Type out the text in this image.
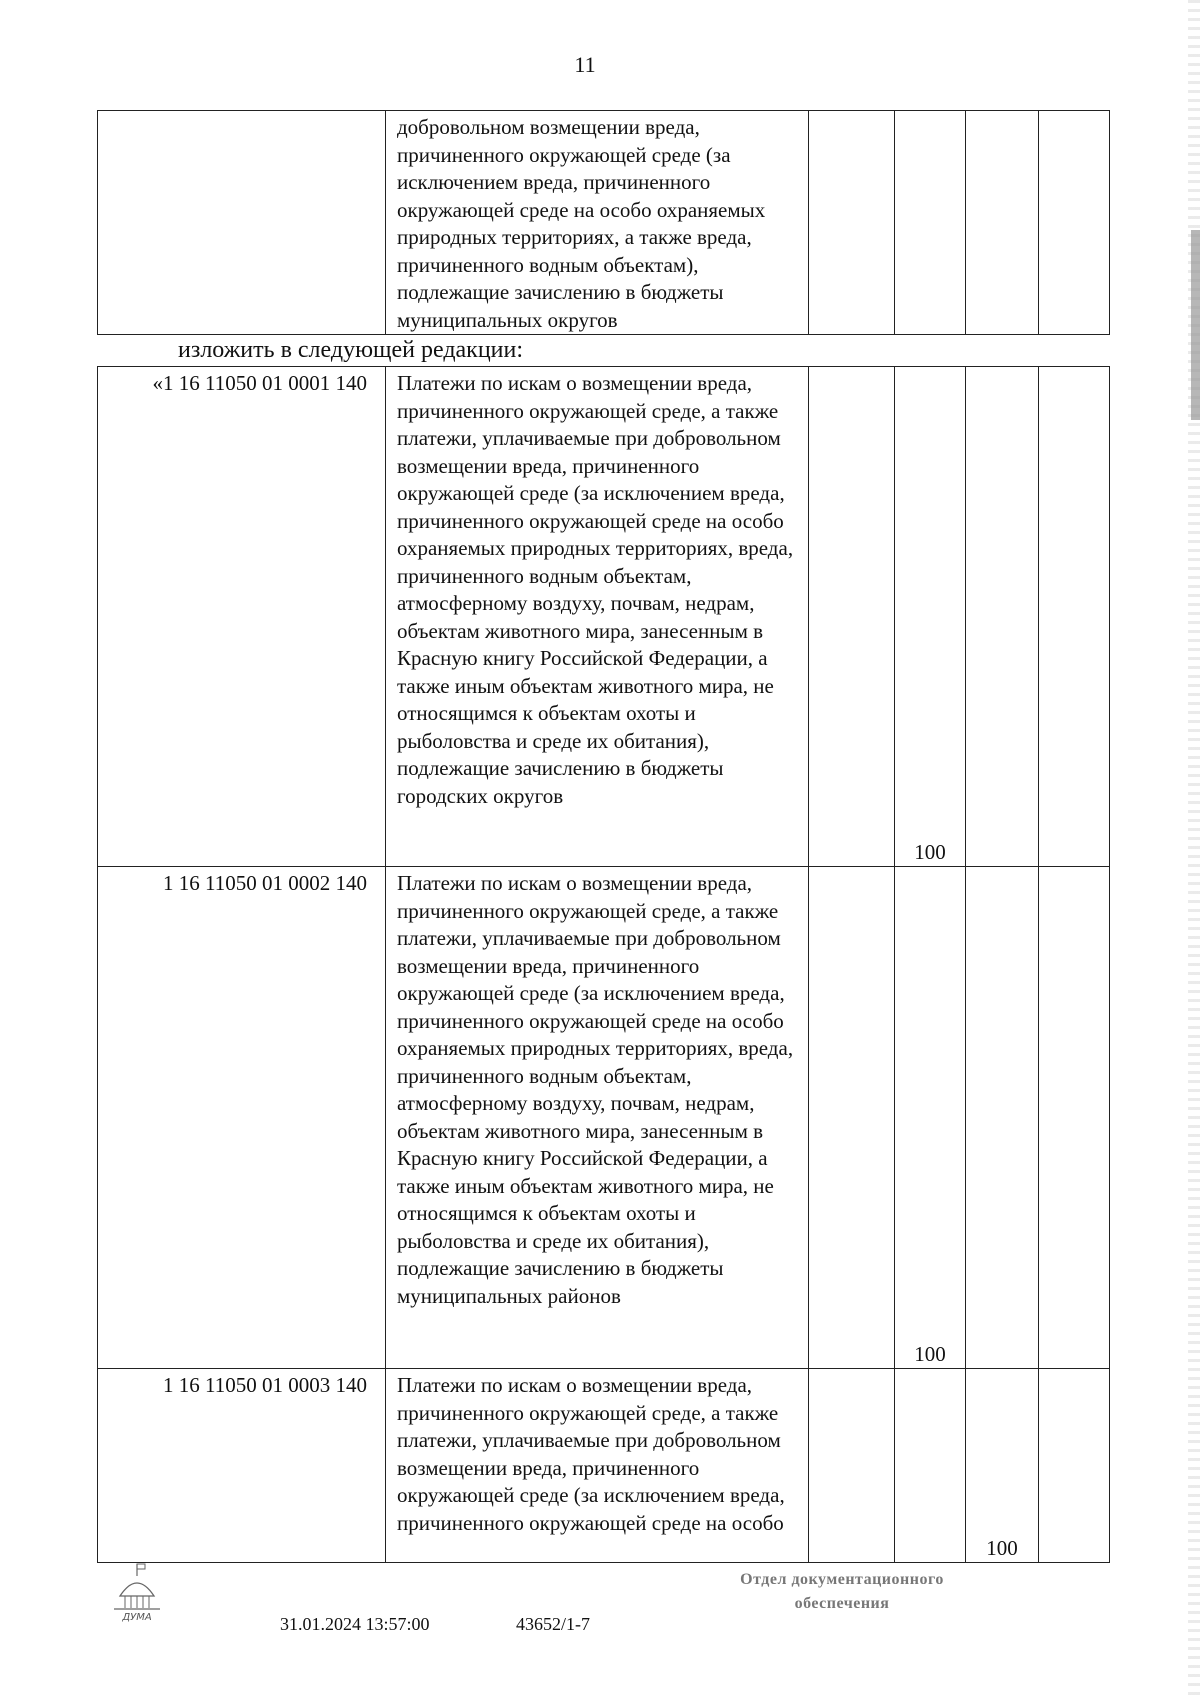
11
	добровольном возмещении вреда, причиненного окружающей среде (за исключением вреда, причиненного окружающей среде на особо охраняемых природных территориях, а также вреда, причиненного водным объектам), подлежащие зачислению в бюджеты муниципальных округов				
изложить в следующей редакции:
«1 16 11050 01 0001 140	Платежи по искам о возмещении вреда, причиненного окружающей среде, а также платежи, уплачиваемые при добровольном возмещении вреда, причиненного окружающей среде (за исключением вреда, причиненного окружающей среде на особо охраняемых природных территориях, вреда, причиненного водным объектам, атмосферному воздуху, почвам, недрам, объектам животного мира, занесенным в Красную книгу Российской Федерации, а также иным объектам животного мира, не относящимся к объектам охоты и рыболовства и среде их обитания), подлежащие зачислению в бюджеты городских округов		100		
1 16 11050 01 0002 140	Платежи по искам о возмещении вреда, причиненного окружающей среде, а также платежи, уплачиваемые при добровольном возмещении вреда, причиненного окружающей среде (за исключением вреда, причиненного окружающей среде на особо охраняемых природных территориях, вреда, причиненного водным объектам, атмосферному воздуху, почвам, недрам, объектам животного мира, занесенным в Красную книгу Российской Федерации, а также иным объектам животного мира, не относящимся к объектам охоты и рыболовства и среде их обитания), подлежащие зачислению в бюджеты муниципальных районов		100		
1 16 11050 01 0003 140	Платежи по искам о возмещении вреда, причиненного окружающей среде, а также платежи, уплачиваемые при добровольном возмещении вреда, причиненного окружающей среде (за исключением вреда, причиненного окружающей среде на особо			100	
ДУМА	31.01.2024 13:57:00	43652/1-7
Отдел документационного
обеспечения
